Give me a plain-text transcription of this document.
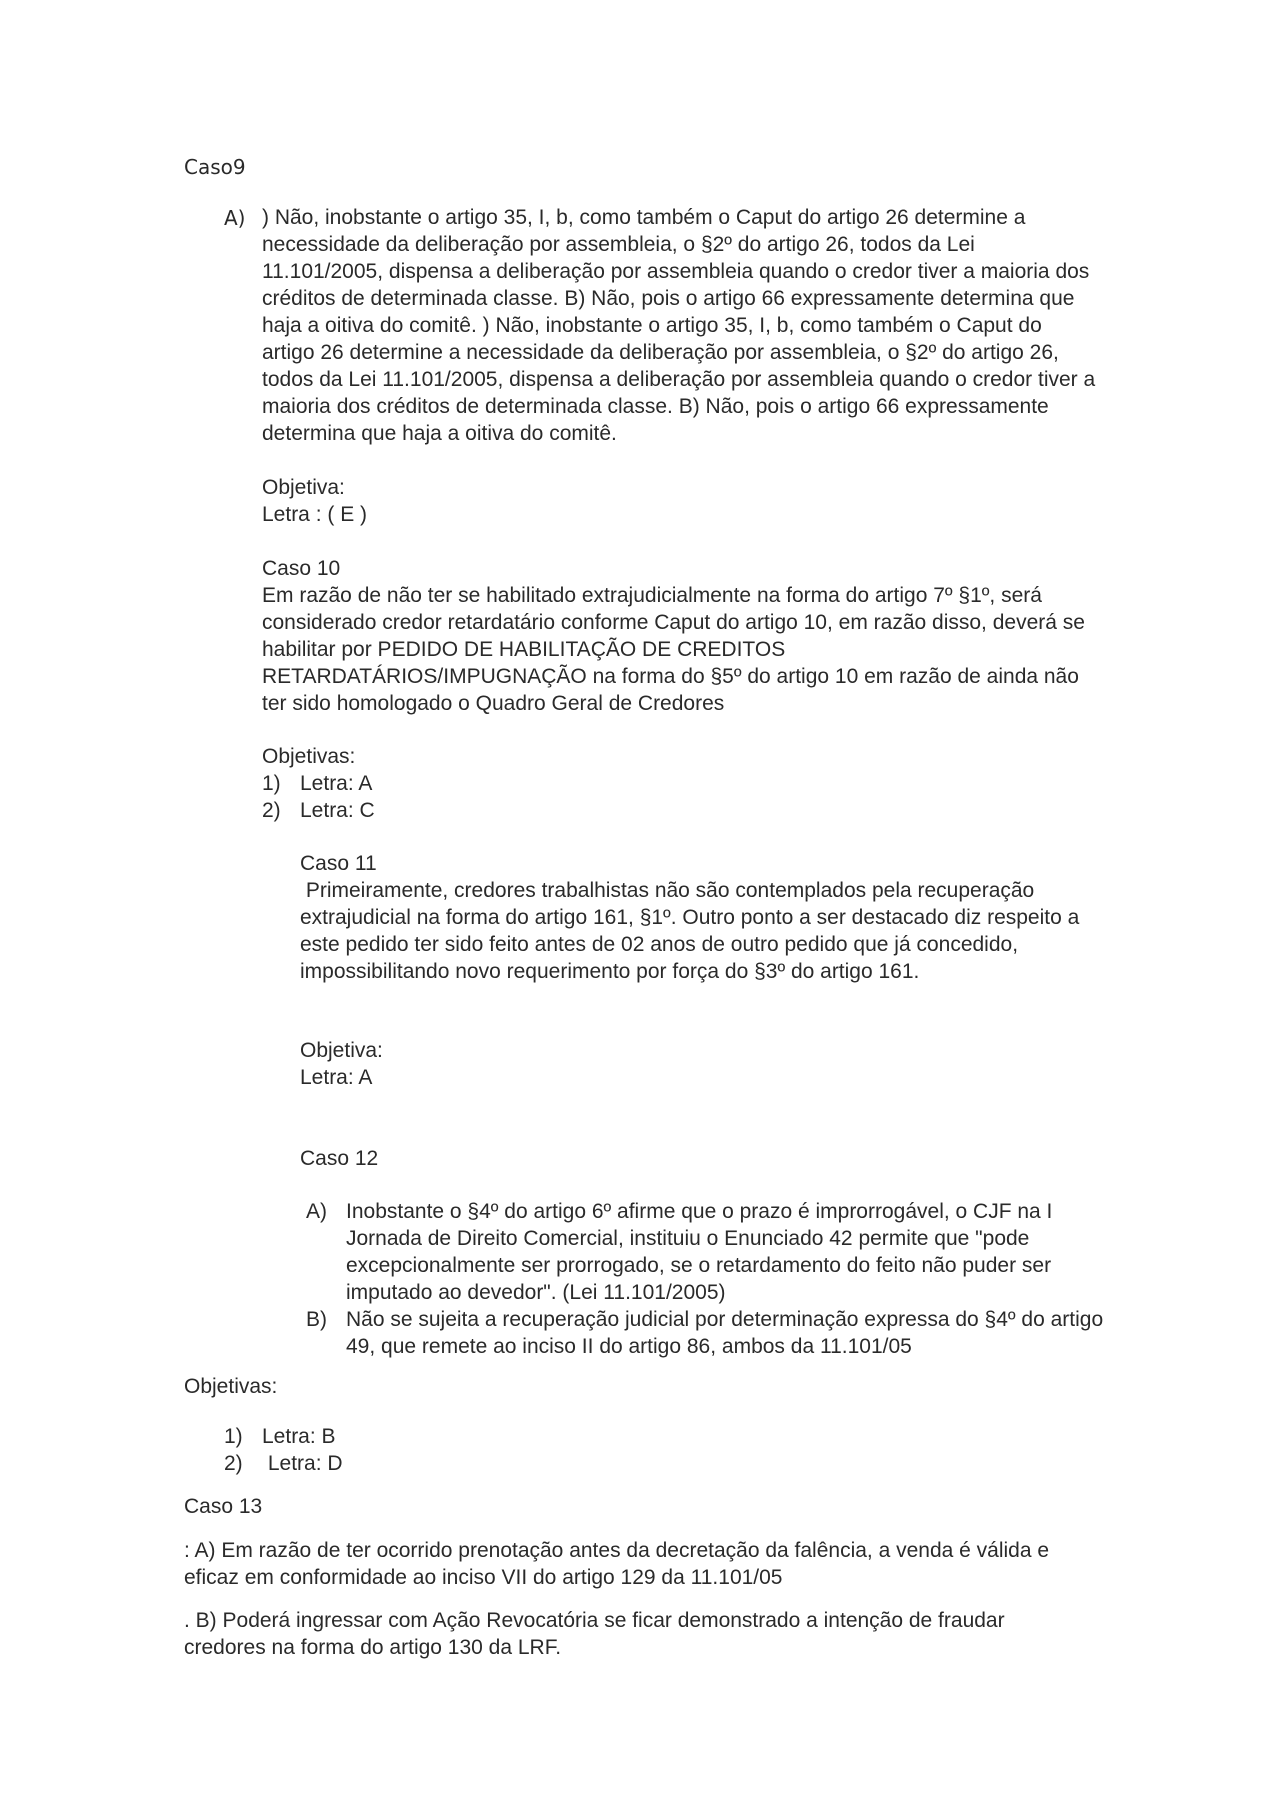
Caso9
A) ) Não, inobstante o artigo 35, I, b, como também o Caput do artigo 26 determine a necessidade da deliberação por assembleia, o §2º do artigo 26, todos da Lei 11.101/2005, dispensa a deliberação por assembleia quando o credor tiver a maioria dos créditos de determinada classe. B) Não, pois o artigo 66 expressamente determina que haja a oitiva do comitê. ) Não, inobstante o artigo 35, I, b, como também o Caput do artigo 26 determine a necessidade da deliberação por assembleia, o §2º do artigo 26, todos da Lei 11.101/2005, dispensa a deliberação por assembleia quando o credor tiver a maioria dos créditos de determinada classe. B) Não, pois o artigo 66 expressamente determina que haja a oitiva do comitê.
Objetiva:
Letra : ( E )
Caso 10
Em razão de não ter se habilitado extrajudicialmente na forma do artigo 7º §1º, será considerado credor retardatário conforme Caput do artigo 10, em razão disso, deverá se habilitar por PEDIDO DE HABILITAÇÃO DE CREDITOS RETARDATÁRIOS/IMPUGNAÇÃO na forma do §5º do artigo 10 em razão de ainda não ter sido homologado o Quadro Geral de Credores
Objetivas:
1) Letra: A
2) Letra: C
Caso 11
Primeiramente, credores trabalhistas não são contemplados pela recuperação extrajudicial na forma do artigo 161, §1º. Outro ponto a ser destacado diz respeito a este pedido ter sido feito antes de 02 anos de outro pedido que já concedido, impossibilitando novo requerimento por força do §3º do artigo 161.
Objetiva:
Letra: A
Caso 12
A) Inobstante o §4º do artigo 6º afirme que o prazo é improrrogável, o CJF na I Jornada de Direito Comercial, instituiu o Enunciado 42 permite que "pode excepcionalmente ser prorrogado, se o retardamento do feito não puder ser imputado ao devedor". (Lei 11.101/2005)
B) Não se sujeita a recuperação judicial por determinação expressa do §4º do artigo 49, que remete ao inciso II do artigo 86, ambos da 11.101/05
Objetivas:
1) Letra: B
2) Letra: D
Caso 13
: A) Em razão de ter ocorrido prenotação antes da decretação da falência, a venda é válida e eficaz em conformidade ao inciso VII do artigo 129 da 11.101/05
. B) Poderá ingressar com Ação Revocatória se ficar demonstrado a intenção de fraudar credores na forma do artigo 130 da LRF.
